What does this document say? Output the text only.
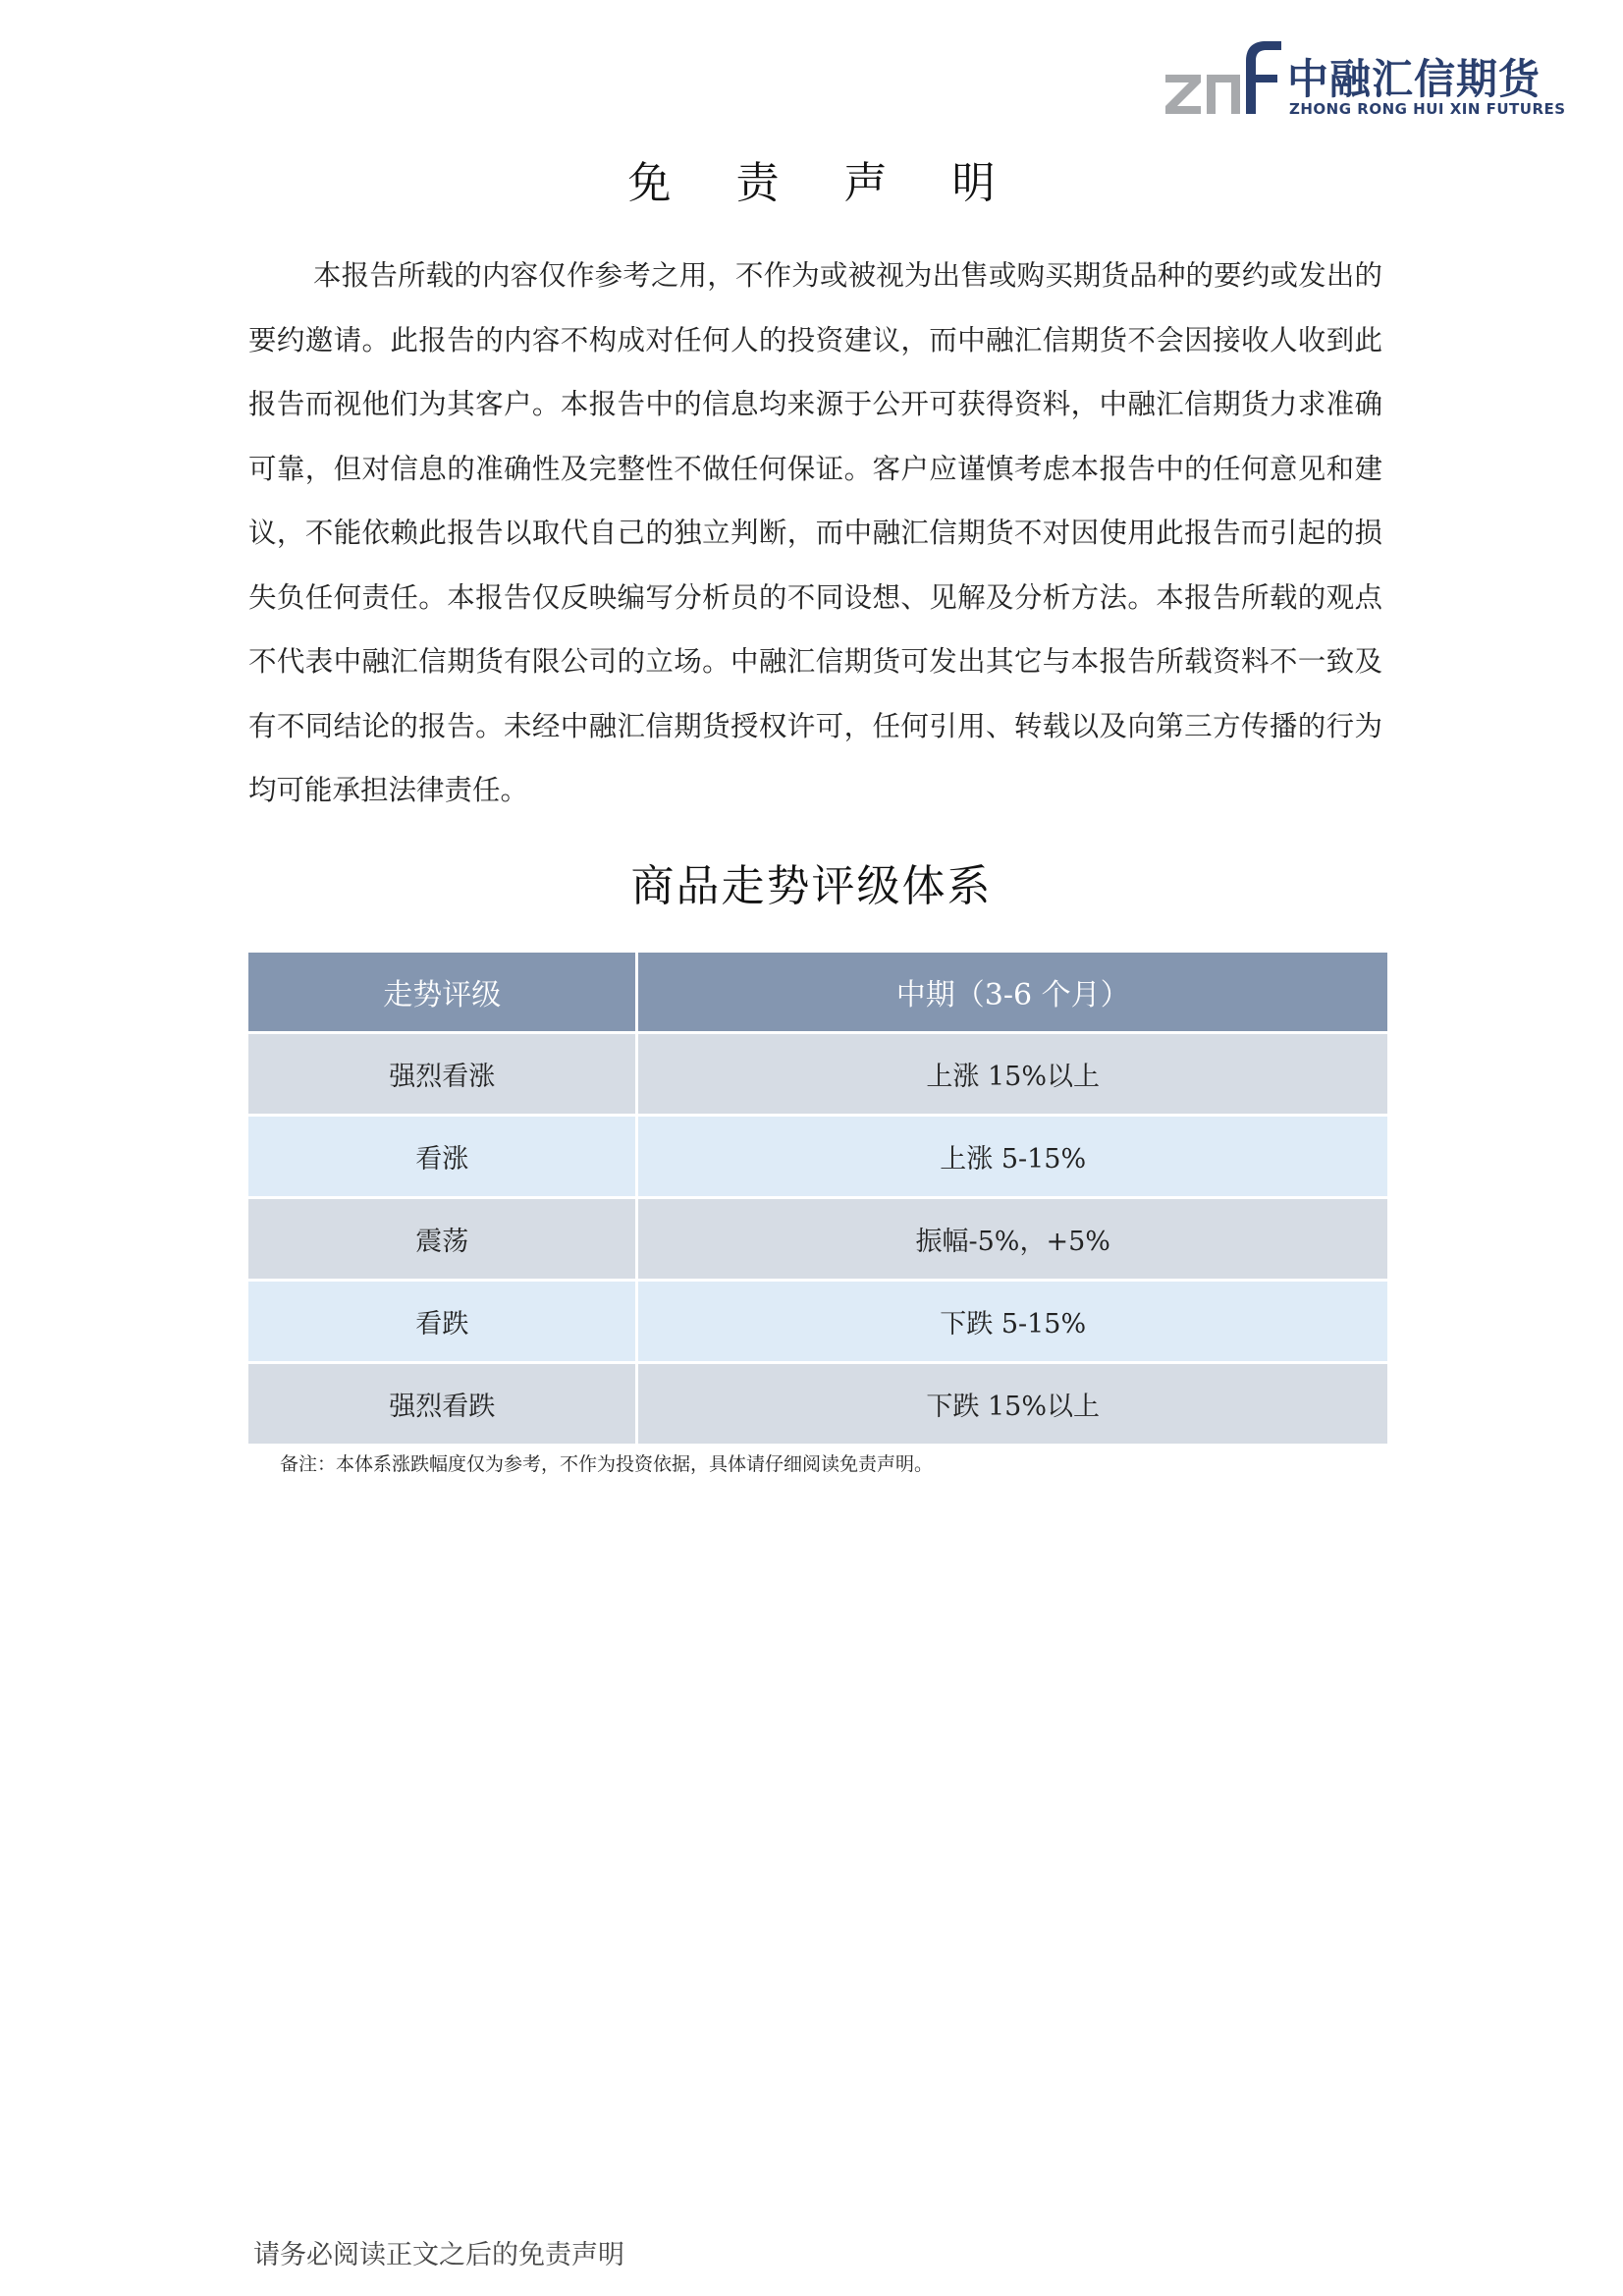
中融汇信期货
ZHONG RONG HUI XIN FUTURES
免 责 声 明

本报告所载的内容仅作参考之用，不作为或被视为出售或购买期货品种的要约或发出的要约邀请。此报告的内容不构成对任何人的投资建议，而中融汇信期货不会因接收人收到此报告而视他们为其客户。本报告中的信息均来源于公开可获得资料，中融汇信期货力求准确可靠，但对信息的准确性及完整性不做任何保证。客户应谨慎考虑本报告中的任何意见和建议，不能依赖此报告以取代自己的独立判断，而中融汇信期货不对因使用此报告而引起的损失负任何责任。本报告仅反映编写分析员的不同设想、见解及分析方法。本报告所载的观点不代表中融汇信期货有限公司的立场。中融汇信期货可发出其它与本报告所载资料不一致及有不同结论的报告。未经中融汇信期货授权许可，任何引用、转载以及向第三方传播的行为均可能承担法律责任。

商品走势评级体系
走势评级	中期（3-6 个月）
强烈看涨	上涨 15%以上
看涨	上涨 5-15%
震荡	振幅-5%，+5%
看跌	下跌 5-15%
强烈看跌	下跌 15%以上
备注：本体系涨跌幅度仅为参考，不作为投资依据，具体请仔细阅读免责声明。
请务必阅读正文之后的免责声明
